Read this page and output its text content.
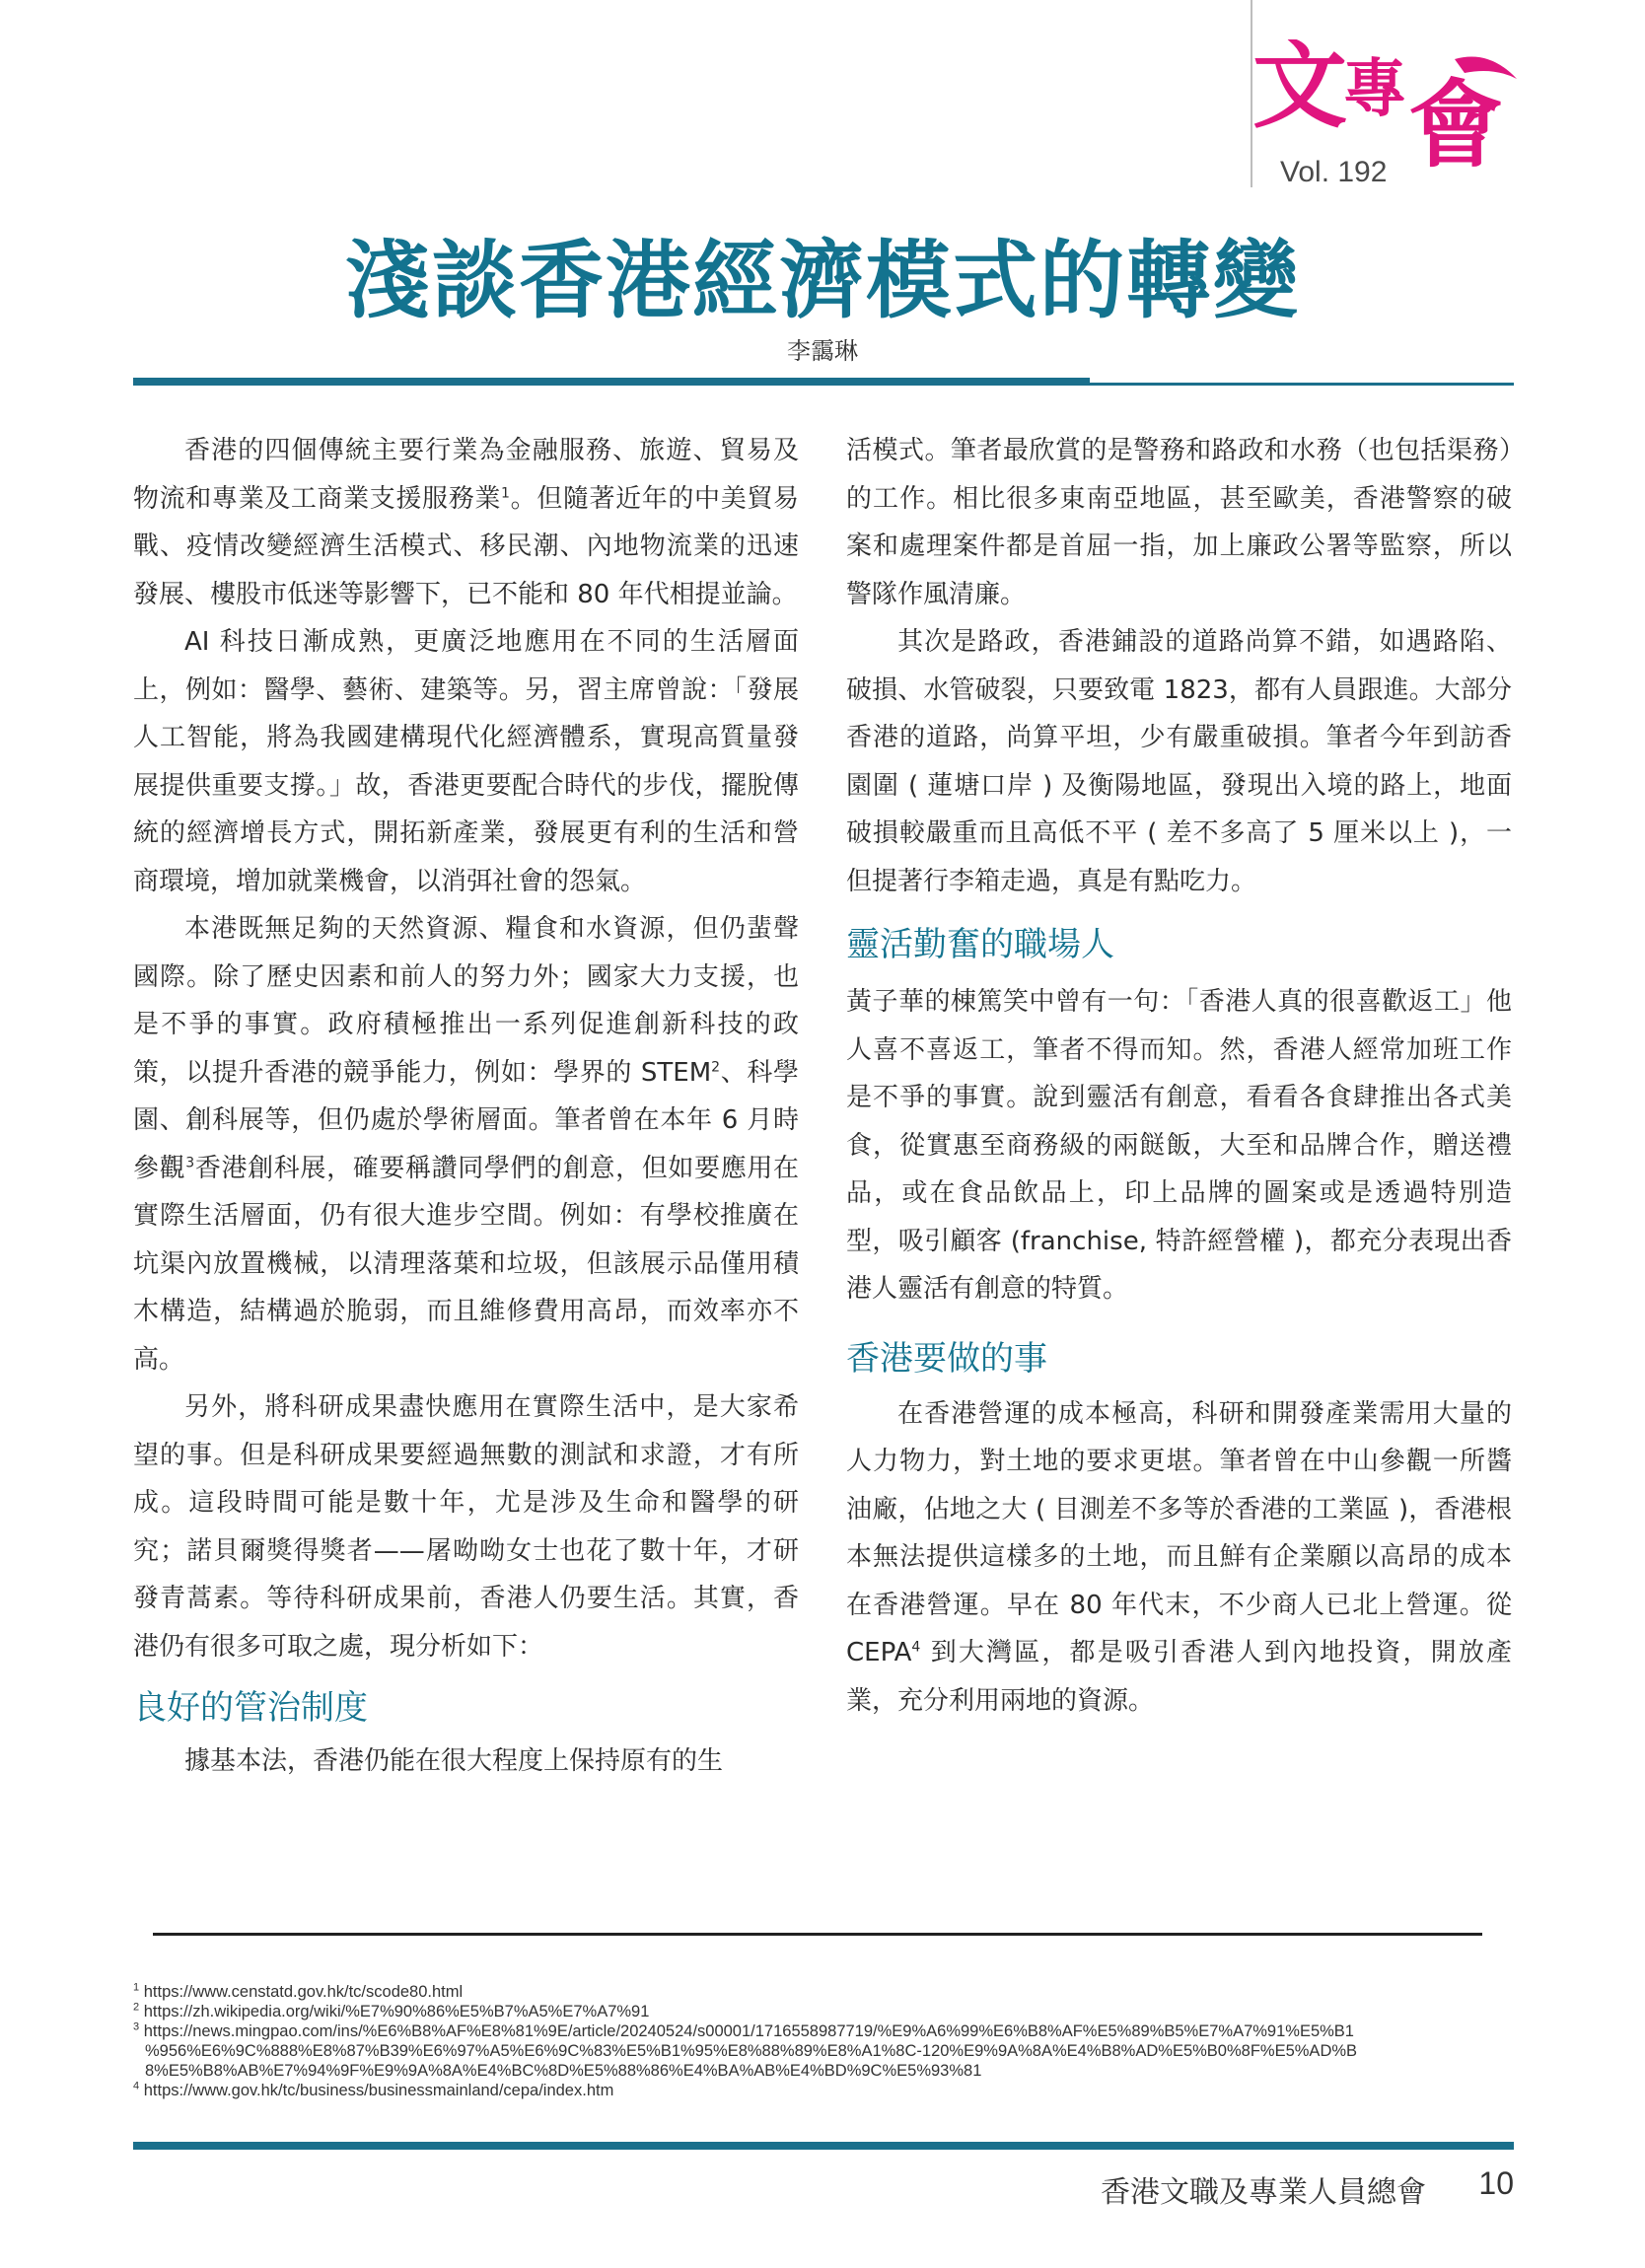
文
專 會
Vol. 192
淺談香港經濟模式的轉變
李靄琳

香港的四個傳統主要行業為金融服務、旅遊、貿易及物流和專業及工商業支援服務業$^1$。但隨著近年的中美貿易戰、疫情改變經濟生活模式、移民潮、內地物流業的迅速發展、樓股市低迷等影響下，已不能和 80 年代相提並論。

AI 科技日漸成熟，更廣泛地應用在不同的生活層面上，例如：醫學、藝術、建築等。另，習主席曾說：「發展人工智能，將為我國建構現代化經濟體系，實現高質量發展提供重要支撐。」故，香港更要配合時代的步伐，擺脫傳統的經濟增長方式，開拓新產業，發展更有利的生活和營商環境，增加就業機會，以消弭社會的怨氣。

本港既無足夠的天然資源、糧食和水資源，但仍蜚聲國際。除了歷史因素和前人的努力外；國家大力支援，也是不爭的事實。政府積極推出一系列促進創新科技的政策，以提升香港的競爭能力，例如：學界的 STEM$^2$、科學園、創科展等，但仍處於學術層面。筆者曾在本年 6 月時參觀$^3$香港創科展，確要稱讚同學們的創意，但如要應用在實際生活層面，仍有很大進步空間。例如：有學校推廣在坑渠內放置機械，以清理落葉和垃圾，但該展示品僅用積木構造，結構過於脆弱，而且維修費用高昂，而效率亦不高。

另外，將科研成果盡快應用在實際生活中，是大家希望的事。但是科研成果要經過無數的測試和求證，才有所成。這段時間可能是數十年，尤是涉及生命和醫學的研究；諾貝爾獎得獎者——屠呦呦女士也花了數十年，才研發青蒿素。等待科研成果前，香港人仍要生活。其實，香港仍有很多可取之處，現分析如下：

良好的管治制度

據基本法，香港仍能在很大程度上保持原有的生

活模式。筆者最欣賞的是警務和路政和水務（也包括渠務）的工作。相比很多東南亞地區，甚至歐美，香港警察的破案和處理案件都是首屈一指，加上廉政公署等監察，所以警隊作風清廉。

其次是路政，香港鋪設的道路尚算不錯，如遇路陷、破損、水管破裂，只要致電 1823，都有人員跟進。大部分香港的道路，尚算平坦，少有嚴重破損。筆者今年到訪香園圍 ( 蓮塘口岸 ) 及衡陽地區，發現出入境的路上，地面破損較嚴重而且高低不平 ( 差不多高了 5 厘米以上 )，一但提著行李箱走過，真是有點吃力。

靈活勤奮的職場人

黃子華的棟篤笑中曾有一句：「香港人真的很喜歡返工」他人喜不喜返工，筆者不得而知。然，香港人經常加班工作是不爭的事實。說到靈活有創意，看看各食肆推出各式美食，從實惠至商務級的兩餸飯，大至和品牌合作，贈送禮品，或在食品飲品上，印上品牌的圖案或是透過特別造型，吸引顧客 (franchise, 特許經營權 )，都充分表現出香港人靈活有創意的特質。

香港要做的事

在香港營運的成本極高，科研和開發產業需用大量的人力物力，對土地的要求更堪。筆者曾在中山參觀一所醬油廠，佔地之大 ( 目測差不多等於香港的工業區 )，香港根本無法提供這樣多的土地，而且鮮有企業願以高昂的成本在香港營運。早在 80 年代末，不少商人已北上營運。從 CEPA$^4$ 到大灣區，都是吸引香港人到內地投資，開放產業，充分利用兩地的資源。

$^1$ https://www.censtatd.gov.hk/tc/scode80.html

$^2$ https://zh.wikipedia.org/wiki/%E7%90%86%E5%B7%A5%E7%A7%91

$^3$ https://news.mingpao.com/ins/%E6%B8%AF%E8%81%9E/article/20240524/s00001/1716558987719/%E9%A6%99%E6%B8%AF%E5%89%B5%E7%A7%91%E5%B1

%956%E6%9C%888%E8%87%B39%E6%97%A5%E6%9C%83%E5%B1%95%E8%88%89%E8%A1%8C-120%E9%9A%8A%E4%B8%AD%E5%B0%8F%E5%AD%B

8%E5%B8%AB%E7%94%9F%E9%9A%8A%E4%BC%8D%E5%88%86%E4%BA%AB%E4%BD%9C%E5%93%81

$^4$ https://www.gov.hk/tc/business/businessmainland/cepa/index.htm

香港文職及專業人員總會	10
